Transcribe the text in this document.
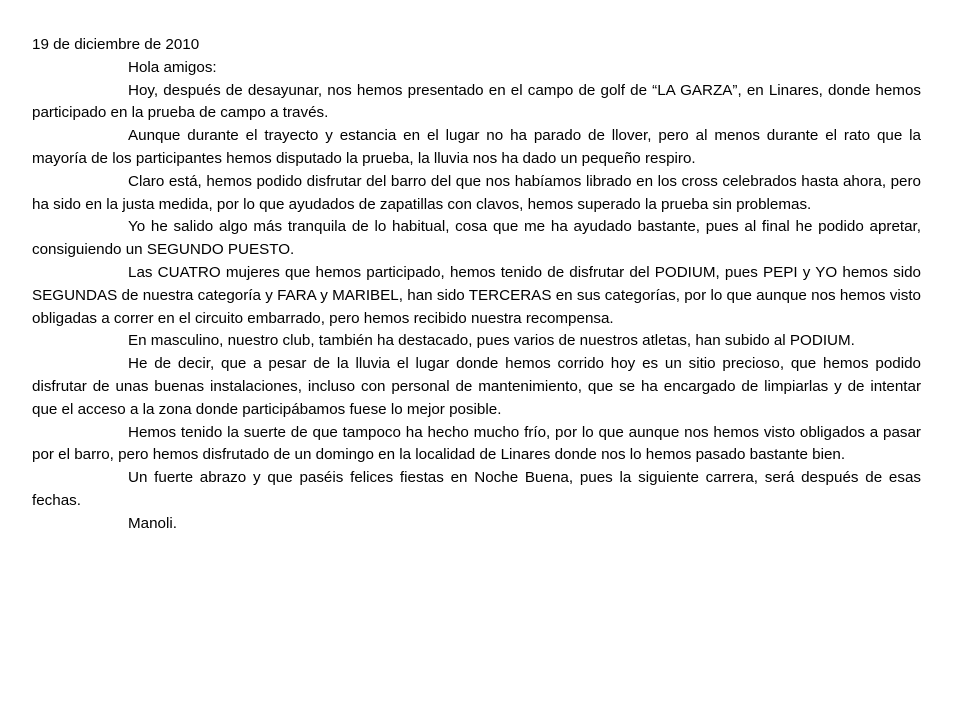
19 de diciembre de 2010

Hola amigos:

Hoy, después de desayunar, nos hemos presentado en el campo de golf de “LA GARZA”, en Linares, donde hemos participado en la prueba de campo a través.

Aunque durante el trayecto y estancia en el lugar no ha parado de llover, pero al menos durante el rato que la mayoría de los participantes hemos disputado la prueba, la lluvia nos ha dado un pequeño respiro.

Claro está, hemos podido disfrutar del barro del que nos habíamos librado en los cross celebrados hasta ahora, pero ha sido en la justa medida, por lo que ayudados de zapatillas con clavos, hemos superado la prueba sin problemas.

Yo he salido algo más tranquila de lo habitual, cosa que me ha ayudado bastante, pues al final he podido apretar, consiguiendo un SEGUNDO PUESTO.

Las CUATRO mujeres que hemos participado, hemos tenido de disfrutar del PODIUM, pues PEPI y YO hemos sido SEGUNDAS de nuestra categoría y FARA y MARIBEL, han sido TERCERAS en sus categorías, por lo que aunque nos hemos visto obligadas a correr en el circuito embarrado, pero hemos recibido nuestra recompensa.

En masculino, nuestro club, también ha destacado, pues varios de nuestros atletas, han subido al PODIUM.

He de decir, que a pesar de la lluvia el lugar donde hemos corrido hoy es un sitio precioso, que hemos podido disfrutar de unas buenas instalaciones, incluso con personal de mantenimiento, que se ha encargado de limpiarlas y de intentar que el acceso a la zona donde participábamos fuese lo mejor posible.

Hemos tenido la suerte de que tampoco ha hecho mucho frío, por lo que aunque nos hemos visto obligados a pasar por el barro, pero hemos disfrutado de un domingo en la localidad de Linares donde nos lo hemos pasado bastante bien.

Un fuerte abrazo y que paséis felices fiestas en Noche Buena, pues la siguiente carrera, será después de esas fechas.

Manoli.
